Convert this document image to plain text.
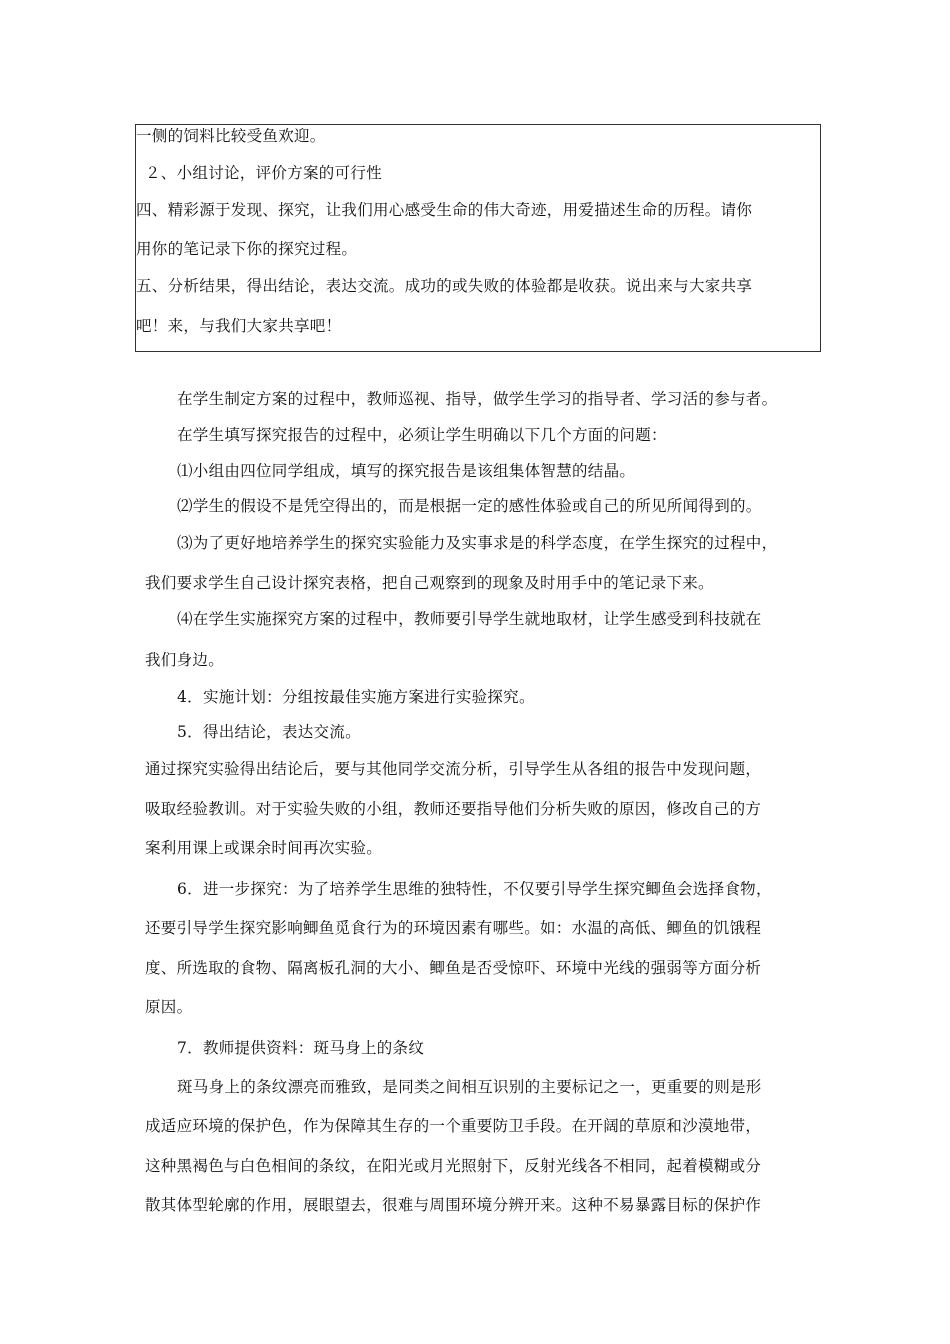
一侧的饲料比较受鱼欢迎。
２、小组讨论，评价方案的可行性
四、精彩源于发现、探究，让我们用心感受生命的伟大奇迹，用爱描述生命的历程。请你
用你的笔记录下你的探究过程。
五、分析结果，得出结论，表达交流。成功的或失败的体验都是收获。说出来与大家共享
吧！来，与我们大家共享吧！
在学生制定方案的过程中，教师巡视、指导，做学生学习的指导者、学习活的参与者。
在学生填写探究报告的过程中，必须让学生明确以下几个方面的问题：
⑴小组由四位同学组成，填写的探究报告是该组集体智慧的结晶。
⑵学生的假设不是凭空得出的，而是根据一定的感性体验或自己的所见所闻得到的。
⑶为了更好地培养学生的探究实验能力及实事求是的科学态度，在学生探究的过程中，
我们要求学生自己设计探究表格，把自己观察到的现象及时用手中的笔记录下来。
⑷在学生实施探究方案的过程中，教师要引导学生就地取材，让学生感受到科技就在
我们身边。
4．实施计划：分组按最佳实施方案进行实验探究。
5．得出结论，表达交流。
通过探究实验得出结论后，要与其他同学交流分析，引导学生从各组的报告中发现问题，
吸取经验教训。对于实验失败的小组，教师还要指导他们分析失败的原因，修改自己的方
案利用课上或课余时间再次实验。
6．进一步探究：为了培养学生思维的独特性，不仅要引导学生探究鲫鱼会选择食物，
还要引导学生探究影响鲫鱼觅食行为的环境因素有哪些。如：水温的高低、鲫鱼的饥饿程
度、所选取的食物、隔离板孔洞的大小、鲫鱼是否受惊吓、环境中光线的强弱等方面分析
原因。
7．教师提供资料：斑马身上的条纹
斑马身上的条纹漂亮而雅致，是同类之间相互识别的主要标记之一，更重要的则是形
成适应环境的保护色，作为保障其生存的一个重要防卫手段。在开阔的草原和沙漠地带，
这种黑褐色与白色相间的条纹，在阳光或月光照射下，反射光线各不相同，起着模糊或分
散其体型轮廓的作用，展眼望去，很难与周围环境分辨开来。这种不易暴露目标的保护作
